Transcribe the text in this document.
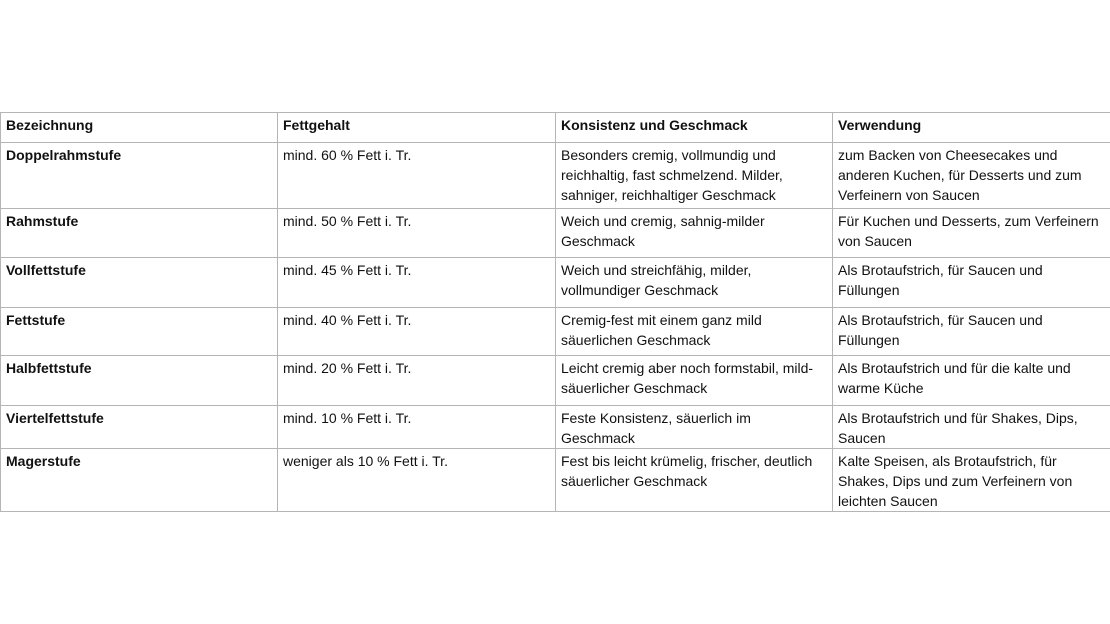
Bezeichnung	Fettgehalt	Konsistenz und Geschmack	Verwendung
Doppelrahmstufe	mind. 60 % Fett i. Tr.	Besonders cremig, vollmundig und reichhaltig, fast schmelzend. Milder, sahniger, reichhaltiger Geschmack	zum Backen von Cheesecakes und anderen Kuchen, für Desserts und zum Verfeinern von Saucen
Rahmstufe	mind. 50 % Fett i. Tr.	Weich und cremig, sahnig-milder Geschmack	Für Kuchen und Desserts, zum Verfeinern von Saucen
Vollfettstufe	mind. 45 % Fett i. Tr.	Weich und streichfähig, milder, vollmundiger Geschmack	Als Brotaufstrich, für Saucen und Füllungen
Fettstufe	mind. 40 % Fett i. Tr.	Cremig-fest mit einem ganz mild säuerlichen Geschmack	Als Brotaufstrich, für Saucen und Füllungen
Halbfettstufe	mind. 20 % Fett i. Tr.	Leicht cremig aber noch formstabil, mild-säuerlicher Geschmack	Als Brotaufstrich und für die kalte und warme Küche
Viertelfettstufe	mind. 10 % Fett i. Tr.	Feste Konsistenz, säuerlich im Geschmack	Als Brotaufstrich und für Shakes, Dips, Saucen
Magerstufe	weniger als 10 % Fett i. Tr.	Fest bis leicht krümelig, frischer, deutlich säuerlicher Geschmack	Kalte Speisen, als Brotaufstrich, für Shakes, Dips und zum Verfeinern von leichten Saucen
